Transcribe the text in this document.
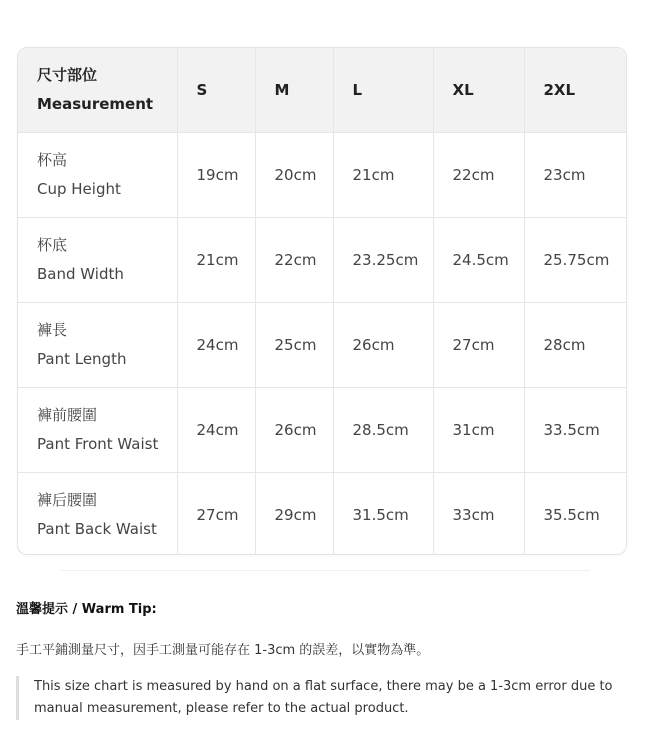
尺寸部位
Measurement	S	M	L	XL	2XL

杯高
Cup Height	19cm	20cm	21cm	22cm	23cm

杯底
Band Width	21cm	22cm	23.25cm	24.5cm	25.75cm

褲長
Pant Length	24cm	25cm	26cm	27cm	28cm

褲前腰圍
Pant Front Waist	24cm	26cm	28.5cm	31cm	33.5cm

褲后腰圍
Pant Back Waist	27cm	29cm	31.5cm	33cm	35.5cm
溫馨提示 / Warm Tip:
手工平鋪測量尺寸，因手工測量可能存在 1-3cm 的誤差，以實物為準。
This size chart is measured by hand on a flat surface, there may be a 1-3cm error due to manual measurement, please refer to the actual product.
